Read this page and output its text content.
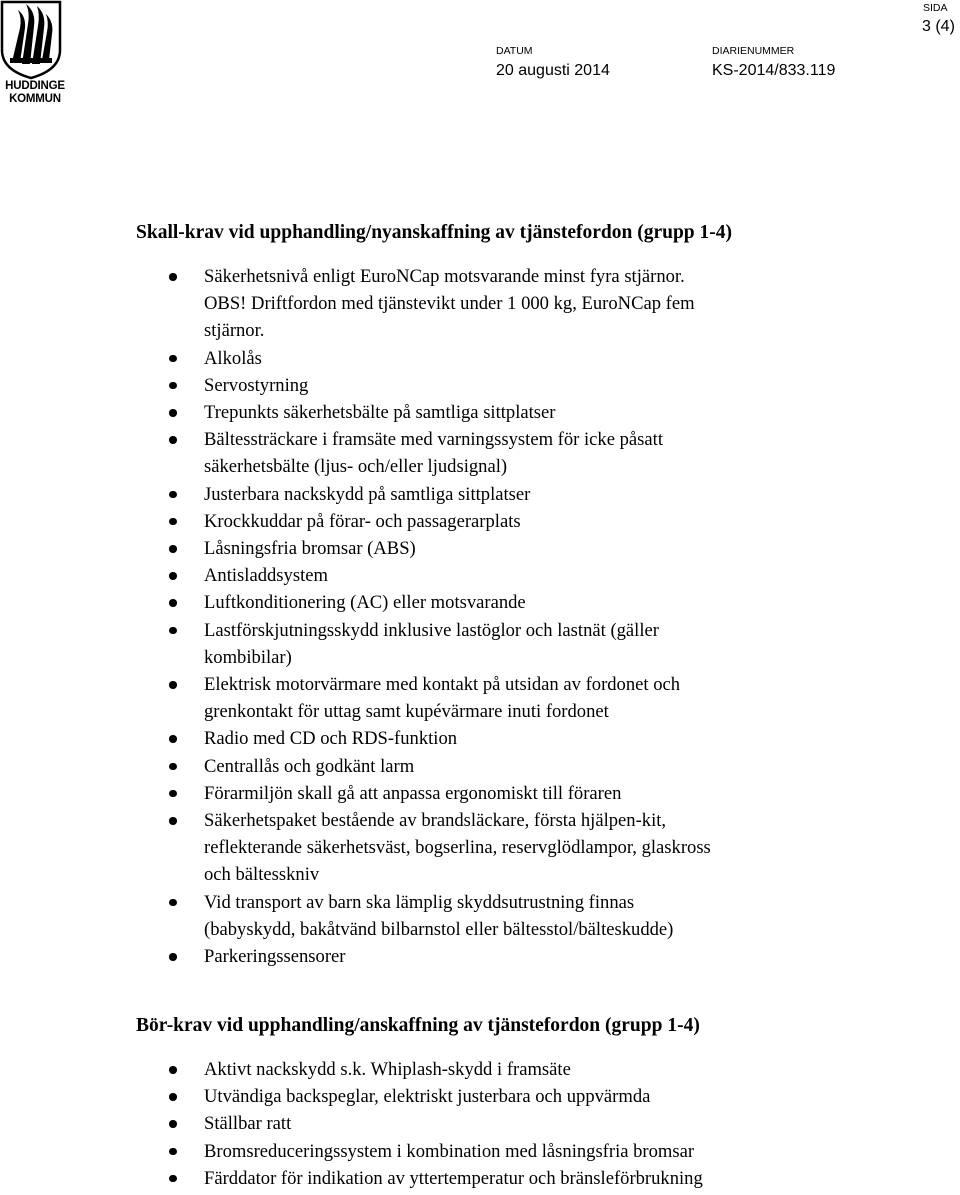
HUDDINGE
KOMMUN
DATUM
20 augusti 2014
DIARIENUMMER
KS-2014/833.119
SIDA
3 (4)
Skall-krav vid upphandling/nyanskaffning av tjänstefordon (grupp 1-4)
Säkerhetsnivå enligt EuroNCap motsvarande minst fyra stjärnor.
OBS! Driftfordon med tjänstevikt under 1 000 kg, EuroNCap fem
stjärnor.
Alkolås
Servostyrning
Trepunkts säkerhetsbälte på samtliga sittplatser
Bältessträckare i framsäte med varningssystem för icke påsatt
säkerhetsbälte (ljus- och/eller ljudsignal)
Justerbara nackskydd på samtliga sittplatser
Krockkuddar på förar- och passagerarplats
Låsningsfria bromsar (ABS)
Antisladdsystem
Luftkonditionering (AC) eller motsvarande
Lastförskjutningsskydd inklusive lastöglor och lastnät (gäller
kombibilar)
Elektrisk motorvärmare med kontakt på utsidan av fordonet och
grenkontakt för uttag samt kupévärmare inuti fordonet
Radio med CD och RDS-funktion
Centrallås och godkänt larm
Förarmiljön skall gå att anpassa ergonomiskt till föraren
Säkerhetspaket bestående av brandsläckare, första hjälpen-kit,
reflekterande säkerhetsväst, bogserlina, reservglödlampor, glaskross
och bältesskniv
Vid transport av barn ska lämplig skyddsutrustning finnas
(babyskydd, bakåtvänd bilbarnstol eller bältesstol/bälteskudde)
Parkeringssensorer
Bör-krav vid upphandling/anskaffning av tjänstefordon (grupp 1-4)
Aktivt nackskydd s.k. Whiplash-skydd i framsäte
Utvändiga backspeglar, elektriskt justerbara och uppvärmda
Ställbar ratt
Bromsreduceringssystem i kombination med låsningsfria bromsar
Färddator för indikation av yttertemperatur och bränsleförbrukning
